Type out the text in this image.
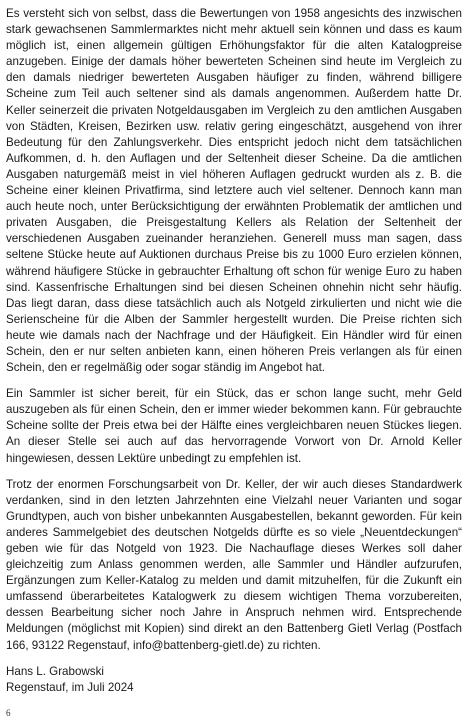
Es versteht sich von selbst, dass die Bewertungen von 1958 angesichts des inzwischen stark gewachsenen Sammlermarktes nicht mehr aktuell sein können und dass es kaum möglich ist, einen allgemein gültigen Erhöhungsfaktor für die alten Katalogpreise anzugeben. Einige der damals höher bewerteten Scheinen sind heute im Vergleich zu den damals niedriger bewerteten Ausgaben häufiger zu finden, während billigere Scheine zum Teil auch seltener sind als damals angenommen. Außerdem hatte Dr. Keller seinerzeit die privaten Notgeldausgaben im Vergleich zu den amtlichen Ausgaben von Städten, Kreisen, Bezirken usw. relativ gering eingeschätzt, ausgehend von ihrer Bedeutung für den Zahlungsverkehr. Dies entspricht jedoch nicht dem tatsächlichen Aufkommen, d. h. den Auflagen und der Seltenheit dieser Scheine. Da die amtlichen Ausgaben naturgemäß meist in viel höheren Auflagen gedruckt wurden als z. B. die Scheine einer kleinen Privatfirma, sind letztere auch viel seltener. Dennoch kann man auch heute noch, unter Berücksichtigung der erwähnten Problematik der amtlichen und privaten Ausgaben, die Preisgestaltung Kellers als Relation der Seltenheit der verschiedenen Ausgaben zueinander heranziehen. Generell muss man sagen, dass seltene Stücke heute auf Auktionen durchaus Preise bis zu 1000 Euro erzielen können, während häufigere Stücke in gebrauchter Erhaltung oft schon für wenige Euro zu haben sind. Kassenfrische Erhaltungen sind bei diesen Scheinen ohnehin nicht sehr häufig. Das liegt daran, dass diese tatsächlich auch als Notgeld zirkulierten und nicht wie die Serienscheine für die Alben der Sammler hergestellt wurden. Die Preise richten sich heute wie damals nach der Nachfrage und der Häufigkeit. Ein Händler wird für einen Schein, den er nur selten anbieten kann, einen höheren Preis verlangen als für einen Schein, den er regelmäßig oder sogar ständig im Angebot hat.

Ein Sammler ist sicher bereit, für ein Stück, das er schon lange sucht, mehr Geld auszugeben als für einen Schein, den er immer wieder bekommen kann. Für gebrauchte Scheine sollte der Preis etwa bei der Hälfte eines vergleichbaren neuen Stückes liegen. An dieser Stelle sei auch auf das hervorragende Vorwort von Dr. Arnold Keller hingewiesen, dessen Lektüre unbedingt zu empfehlen ist.

Trotz der enormen Forschungsarbeit von Dr. Keller, der wir auch dieses Standardwerk verdanken, sind in den letzten Jahrzehnten eine Vielzahl neuer Varianten und sogar Grundtypen, auch von bisher unbekannten Ausgabestellen, bekannt geworden. Für kein anderes Sammelgebiet des deutschen Notgelds dürfte es so viele „Neuentdeckungen“ geben wie für das Notgeld von 1923. Die Nachauflage dieses Werkes soll daher gleichzeitig zum Anlass genommen werden, alle Sammler und Händler aufzurufen, Ergänzungen zum Keller-Katalog zu melden und damit mitzuhelfen, für die Zukunft ein umfassend überarbeitetes Katalogwerk zu diesem wichtigen Thema vorzubereiten, dessen Bearbeitung sicher noch Jahre in Anspruch nehmen wird. Entsprechende Meldungen (möglichst mit Kopien) sind direkt an den Battenberg Gietl Verlag (Postfach 166, 93122 Regenstauf, info@battenberg-gietl.de) zu richten.

Hans L. Grabowski
Regenstauf, im Juli 2024
6
